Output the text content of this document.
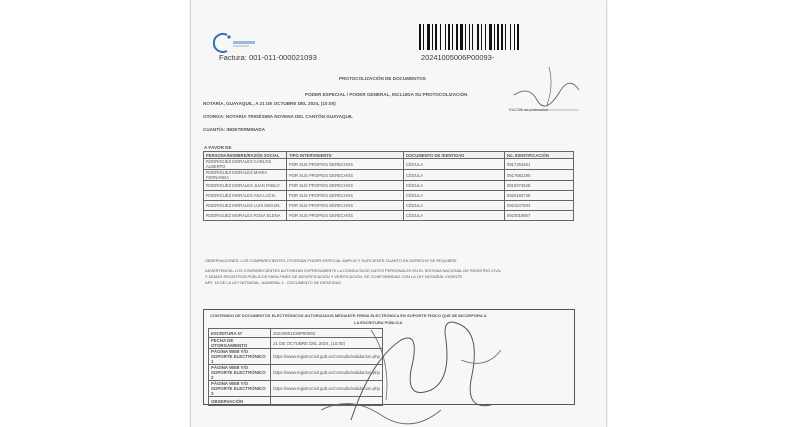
Factura: 001-011-000021093	20241005006P00093-
PROTOCOLIZACIÓN DE DOCUMENTOS
PODER ESPECIAL / PODER GENERAL, INCLUIDA SU PROTOCOLIZACIÓN
NOTARÍA, GUAYAQUIL, A 21 DE OCTUBRE DEL 2024, (10:00)
OTORGA: NOTARÍA TRIGÉSIMA NOVENA DEL CANTÓN GUAYAQUIL
CUANTÍA: INDETERMINADA
RAZÓN: se protocoliza
A FAVOR DE
PERSONA/NOMBRE/RAZÓN SOCIAL	TIPO INTERVINIENTE	DOCUMENTO DE IDENTIDAD	No. IDENTIFICACIÓN
RODRIGUEZ MORALES CARLOS ALBERTO	POR SUS PROPIOS DERECHOS	CÉDULA	0917253461
RODRIGUEZ MORALES MARIA FERNANDA	POR SUS PROPIOS DERECHOS	CÉDULA	0917682190
RODRIGUEZ MORALES JUAN PABLO	POR SUS PROPIOS DERECHOS	CÉDULA	0919374528
RODRIGUEZ MORALES ANA LUCIA	POR SUS PROPIOS DERECHOS	CÉDULA	0920183746
RODRIGUEZ MORALES LUIS MIGUEL	POR SUS PROPIOS DERECHOS	CÉDULA	0921547803
RODRIGUEZ MORALES ROSA ELENA	POR SUS PROPIOS DERECHOS	CÉDULA	0923019857
OBSERVACIONES: LOS COMPARECIENTES OTORGAN PODER ESPECIAL AMPLIO Y SUFICIENTE CUANTO EN DERECHO SE REQUIERE.
ADVERTENCIA: LOS COMPARECIENTES AUTORIZAN EXPRESAMENTE LA CONSULTA DE DATOS PERSONALES EN EL SISTEMA NACIONAL DE REGISTRO CIVIL
Y DEMÁS REGISTROS PÚBLICOS PARA FINES DE IDENTIFICACIÓN Y VERIFICACIÓN, DE CONFORMIDAD CON LA LEY NOTARIAL VIGENTE
ART. 18 DE LA LEY NOTARIAL, NUMERAL 1 - DOCUMENTO DE IDENTIDAD
CONTENIDO DE DOCUMENTOS ELECTRÓNICOS AUTORIZADOS MEDIANTE FIRMA ELECTRÓNICA EN SOPORTE FÍSICO QUE SE INCORPORA A
LA ESCRITURA PÚBLICA
ESCRITURA N°	20240901039P00093
FECHA DE OTORGAMIENTO	21 DE OCTUBRE DEL 2024, (10:00)
PÁGINA WEB Y/O SOPORTE ELECTRÓNICO 1	https://www.registrocivil.gob.ec/consulta/validacion.php
PÁGINA WEB Y/O SOPORTE ELECTRÓNICO 2	https://www.registrocivil.gob.ec/consulta/validacion.php
PÁGINA WEB Y/O SOPORTE ELECTRÓNICO 3	https://www.registrocivil.gob.ec/consulta/validacion.php
OBSERVACIÓN	
